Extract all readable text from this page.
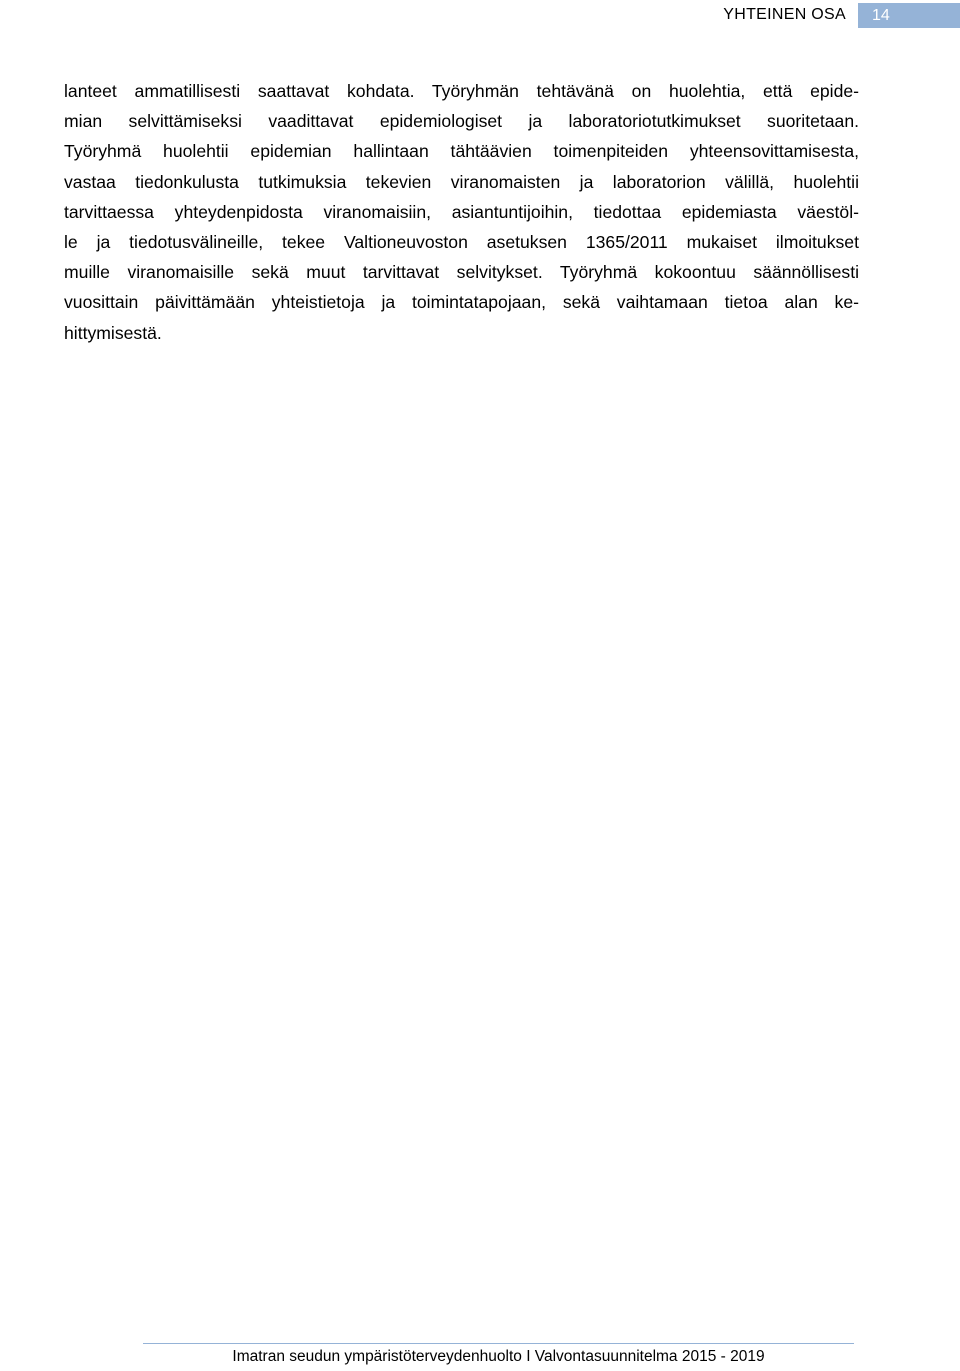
YHTEINEN OSA	14
lanteet ammatillisesti saattavat kohdata. Työryhmän tehtävänä on huolehtia, että epide-
mian selvittämiseksi vaadittavat epidemiologiset ja laboratoriotutkimukset suoritetaan.
Työryhmä huolehtii epidemian hallintaan tähtäävien toimenpiteiden yhteensovittamisesta,
vastaa tiedonkulusta tutkimuksia tekevien viranomaisten ja laboratorion välillä, huolehtii
tarvittaessa yhteydenpidosta viranomaisiin, asiantuntijoihin, tiedottaa epidemiasta väestöl-
le ja tiedotusvälineille, tekee Valtioneuvoston asetuksen 1365/2011 mukaiset ilmoitukset
muille viranomaisille sekä muut tarvittavat selvitykset. Työryhmä kokoontuu säännöllisesti
vuosittain päivittämään yhteistietoja ja toimintatapojaan, sekä vaihtamaan tietoa alan ke-
hittymisestä.
Imatran seudun ympäristöterveydenhuolto I Valvontasuunnitelma 2015 - 2019
